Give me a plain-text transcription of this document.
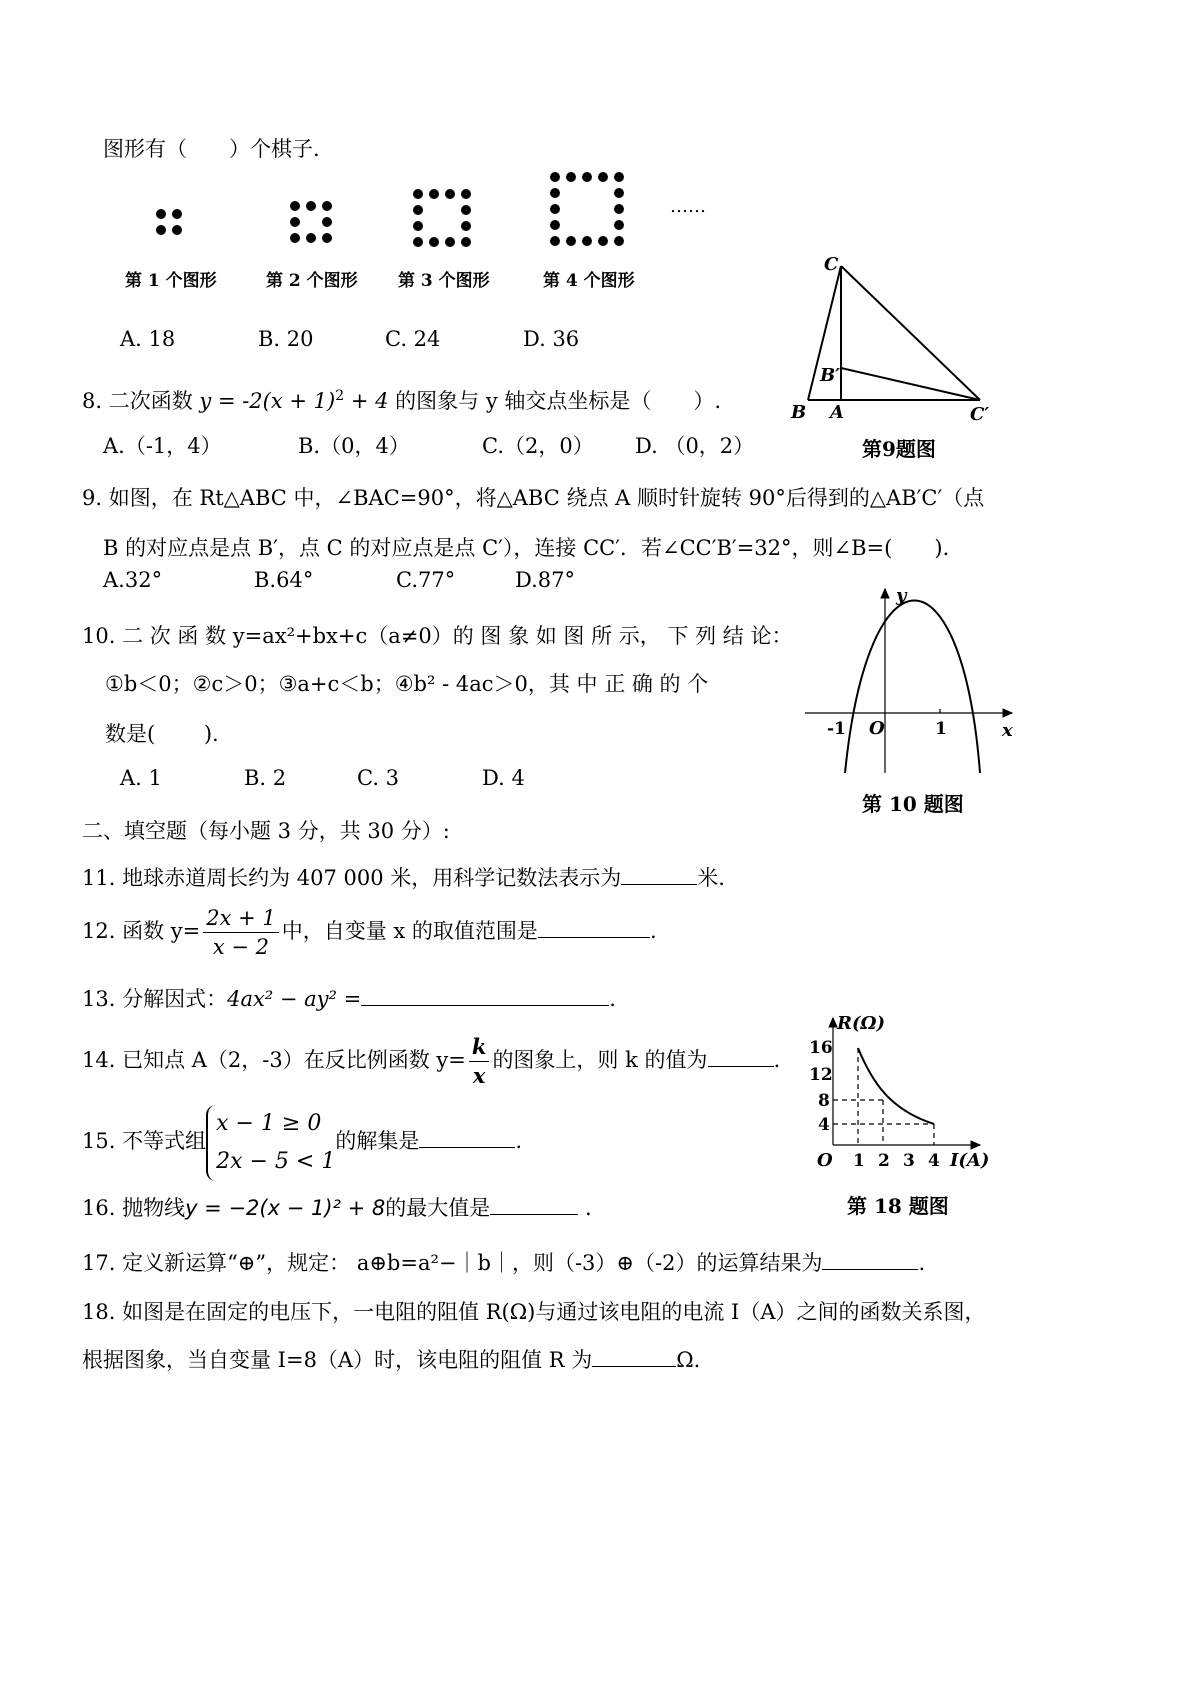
图形有（　　）个棋子.
……
第 1 个图形	第 2 个图形 第 3 个图形	第 4 个图形
A. 18	B. 20	C. 24	D. 36
C
B′
B A	C′
第9题图
8. 二次函数 $y = -2(x + 1)^2 + 4$ 的图象与 y 轴交点坐标是（　　）.
A.（-1，4）	B.（0，4）	C.（2，0） D. （0，2）
9. 如图，在 Rt△ABC 中，∠BAC=90°，将△ABC 绕点 A 顺时针旋转 90°后得到的△AB′C′（点
B 的对应点是点 B′，点 C 的对应点是点 C′），连接 CC′．若∠CC′B′=32°，则∠B=(　　).
A.32°	B.64°	C.77°	D.87°
10. 二 次 函 数 y=ax²+bx+c（a≠0）的 图 象 如 图 所 示， 下 列 结 论：
①b＜0；②c＞0；③a+c＜b；④b² - 4ac＞0，其 中 正 确 的 个
数是(　　 ).
A. 1	B. 2	C. 3	D. 4
y
x
-1 O	1
第 10 题图
二、填空题（每小题 3 分，共 30 分）:
11. 地球赤道周长约为 407 000 米，用科学记数法表示为	米.
12. 函数 $y= \frac{2x + 1}{x - 2}$ 中，自变量 x 的取值范围是	.
13. 分解因式：4ax² − ay² =	.
14. 已知点 A（2，-3）在反比例函数 $y= \frac{k}{x}$ 的图象上，则 k 的值为	.
15. 不等式组
x − 1 ≥ 0
2x − 5 < 1
的解集是	.
16. 抛物线y = −2(x − 1)² + 8的最大值是	.
R(Ω)
I(A)
O
16
12
8
4
1 2 3 4
第 18 题图
17. 定义新运算“⊕”，规定： a⊕b=a²−｜b｜，则（-3）⊕（-2）的运算结果为	.
18. 如图是在固定的电压下，一电阻的阻值 R(Ω)与通过该电阻的电流 I（A）之间的函数关系图，
根据图象，当自变量 I=8（A）时，该电阻的阻值 R 为	Ω.
